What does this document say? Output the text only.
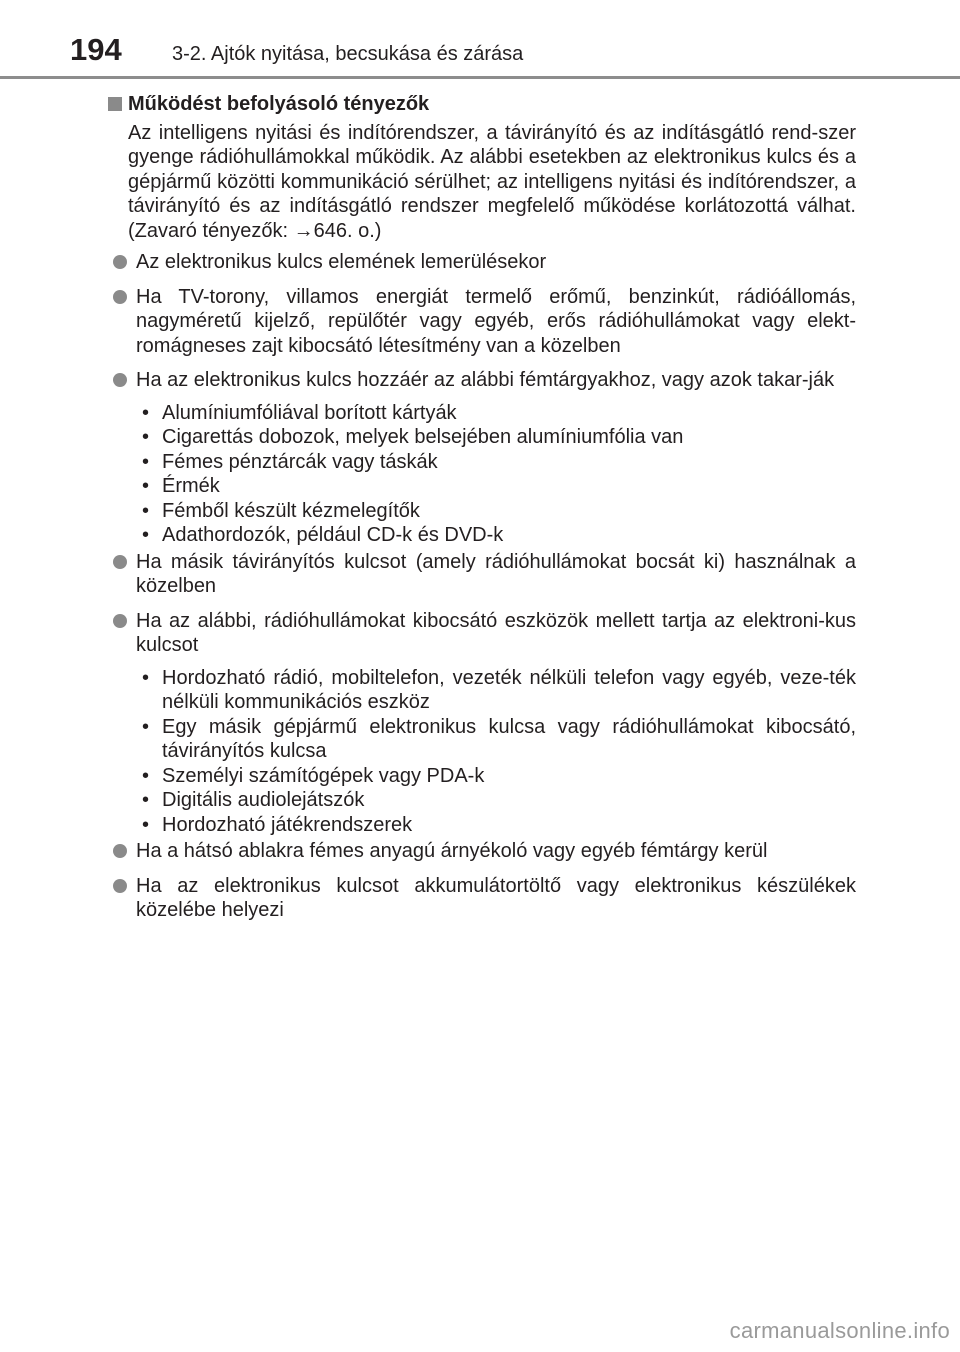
194	3-2. Ajtók nyitása, becsukása és zárása
Működést befolyásoló tényezők
Az intelligens nyitási és indítórendszer, a távirányító és az indításgátló rend-szer gyenge rádióhullámokkal működik. Az alábbi esetekben az elektronikus kulcs és a gépjármű közötti kommunikáció sérülhet; az intelligens nyitási és indítórendszer, a távirányító és az indításgátló rendszer megfelelő működése korlátozottá válhat. (Zavaró tényezők: →646. o.)
Az elektronikus kulcs elemének lemerülésekor
Ha TV-torony, villamos energiát termelő erőmű, benzinkút, rádióállomás, nagyméretű kijelző, repülőtér vagy egyéb, erős rádióhullámokat vagy elekt-romágneses zajt kibocsátó létesítmény van a közelben
Ha az elektronikus kulcs hozzáér az alábbi fémtárgyakhoz, vagy azok takar-ják
• Alumíniumfóliával borított kártyák
• Cigarettás dobozok, melyek belsejében alumíniumfólia van
• Fémes pénztárcák vagy táskák
• Érmék
• Fémből készült kézmelegítők
• Adathordozók, például CD-k és DVD-k
Ha másik távirányítós kulcsot (amely rádióhullámokat bocsát ki) használnak a közelben
Ha az alábbi, rádióhullámokat kibocsátó eszközök mellett tartja az elektroni-kus kulcsot
• Hordozható rádió, mobiltelefon, vezeték nélküli telefon vagy egyéb, veze-ték nélküli kommunikációs eszköz
• Egy másik gépjármű elektronikus kulcsa vagy rádióhullámokat kibocsátó, távirányítós kulcsa
• Személyi számítógépek vagy PDA-k
• Digitális audiolejátszók
• Hordozható játékrendszerek
Ha a hátsó ablakra fémes anyagú árnyékoló vagy egyéb fémtárgy kerül
Ha az elektronikus kulcsot akkumulátortöltő vagy elektronikus készülékek közelébe helyezi
carmanualsonline.info
